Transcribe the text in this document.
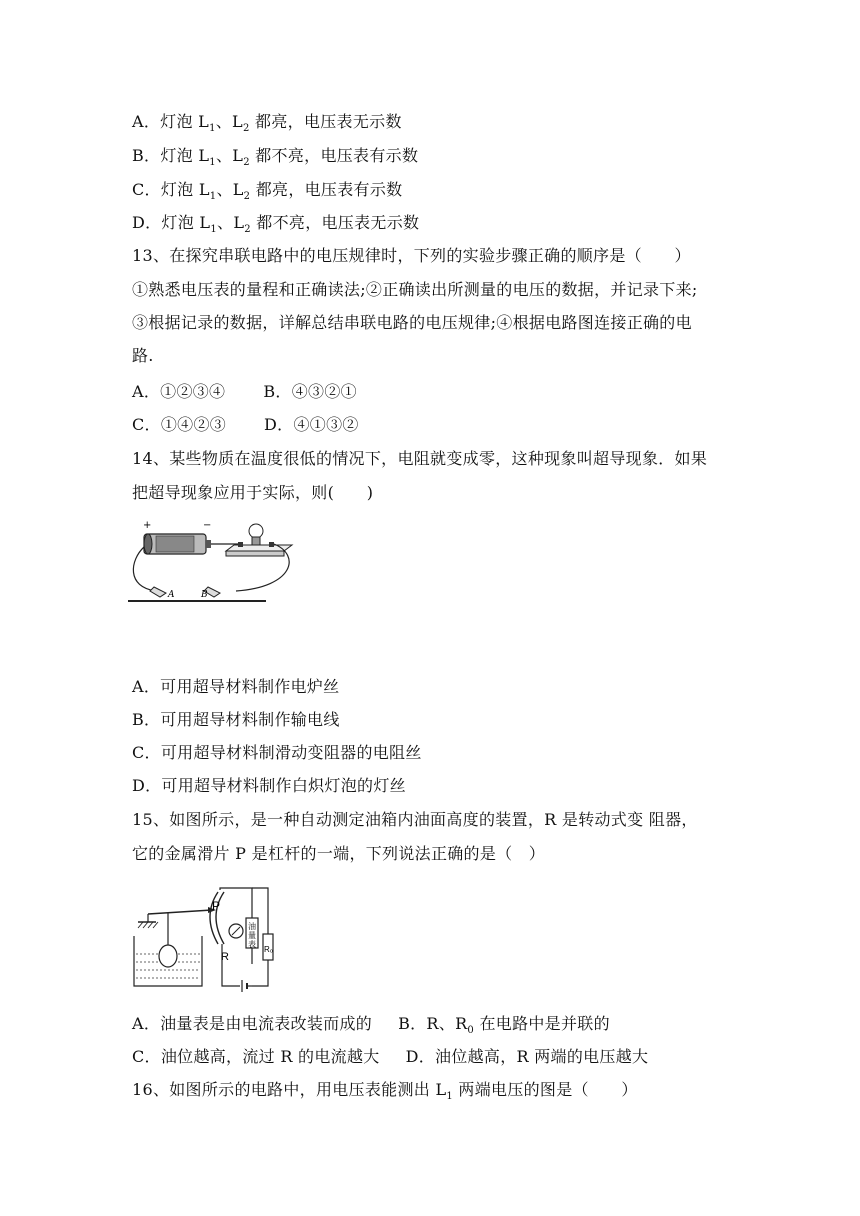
A．灯泡 $L_1$、$L_2$ 都亮，电压表无示数
B．灯泡 $L_1$、$L_2$ 都不亮，电压表有示数
C．灯泡 $L_1$、$L_2$ 都亮，电压表有示数
D．灯泡 $L_1$、$L_2$ 都不亮，电压表无示数
13、在探究串联电路中的电压规律时，下列的实验步骤正确的顺序是（　　）
①熟悉电压表的量程和正确读法;②正确读出所测量的电压的数据，并记录下来;
③根据记录的数据，详解总结串联电路的电压规律;④根据电路图连接正确的电
路.
A．①②③④ B．④③②①
C．①④②③ D．④①③②
14、某些物质在温度很低的情况下，电阻就变成零，这种现象叫超导现象．如果
把超导现象应用于实际，则(　　)
+	−
A	B
A．可用超导材料制作电炉丝
B．可用超导材料制作输电线
C．可用超导材料制滑动变阻器的电阻丝
D．可用超导材料制作白炽灯泡的灯丝
15、如图所示，是一种自动测定油箱内油面高度的装置，R 是转动式变 阻器，
它的金属滑片 P 是杠杆的一端，下列说法正确的是（　）
P
R
油量表
R₀
A．油量表是由电流表改装而成的 B．R、$R_0$ 在电路中是并联的
C．油位越高，流过 R 的电流越大 D．油位越高，R 两端的电压越大
16、如图所示的电路中，用电压表能测出 $L_1$ 两端电压的图是（　　）
